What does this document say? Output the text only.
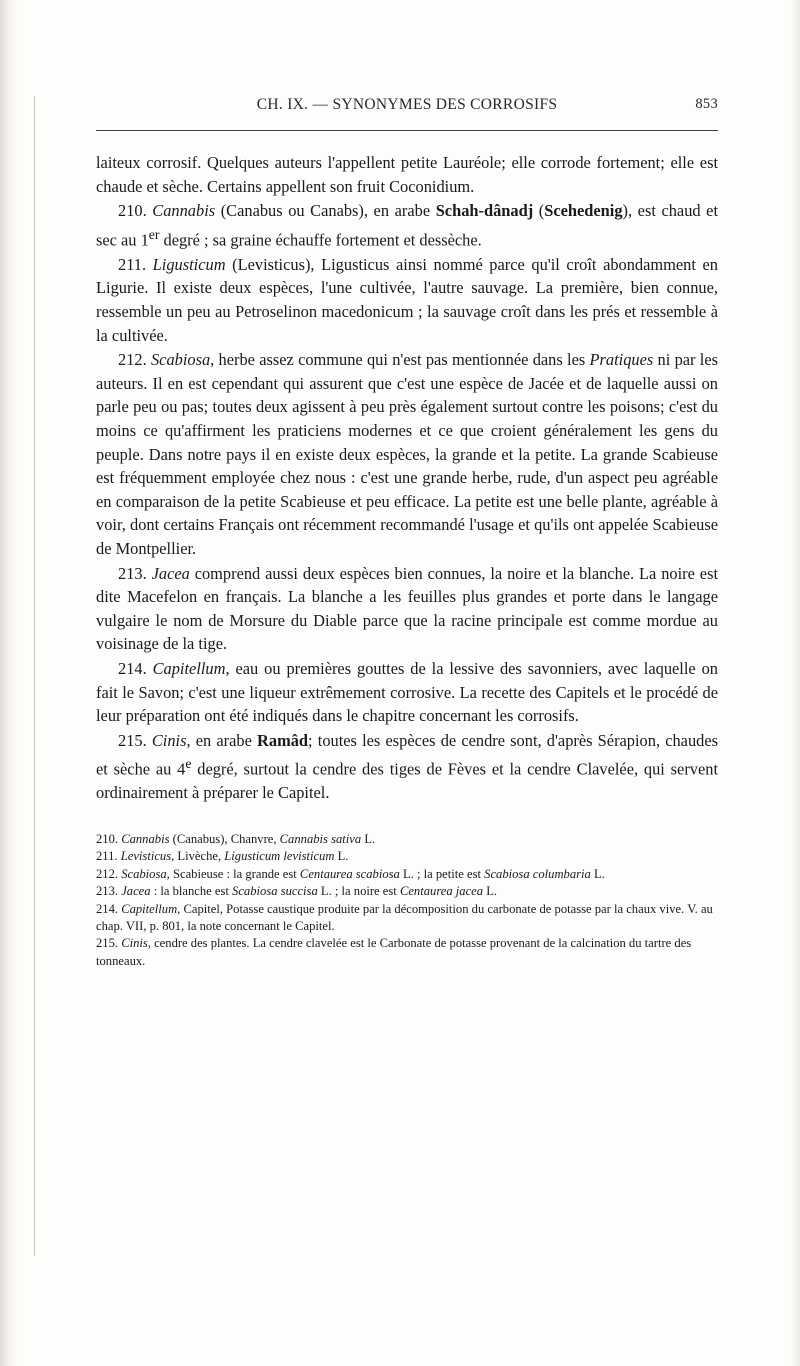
CH. IX. — SYNONYMES DES CORROSIFS	853

laiteux corrosif. Quelques auteurs l'appellent petite Lauréole; elle corrode fortement; elle est chaude et sèche. Certains appellent son fruit Coconidium.

210. Cannabis (Canabus ou Canabs), en arabe Schah-dânadj (Scehedenig), est chaud et sec au 1er degré ; sa graine échauffe fortement et dessèche.

211. Ligusticum (Levisticus), Ligusticus ainsi nommé parce qu'il croît abondamment en Ligurie. Il existe deux espèces, l'une cultivée, l'autre sauvage. La première, bien connue, ressemble un peu au Petroselinon macedonicum ; la sauvage croît dans les prés et ressemble à la cultivée.

212. Scabiosa, herbe assez commune qui n'est pas mentionnée dans les Pratiques ni par les auteurs. Il en est cependant qui assurent que c'est une espèce de Jacée et de laquelle aussi on parle peu ou pas; toutes deux agissent à peu près également surtout contre les poisons; c'est du moins ce qu'affirment les praticiens modernes et ce que croient généralement les gens du peuple. Dans notre pays il en existe deux espèces, la grande et la petite. La grande Scabieuse est fréquemment employée chez nous : c'est une grande herbe, rude, d'un aspect peu agréable en comparaison de la petite Scabieuse et peu efficace. La petite est une belle plante, agréable à voir, dont certains Français ont récemment recommandé l'usage et qu'ils ont appelée Scabieuse de Montpellier.

213. Jacea comprend aussi deux espèces bien connues, la noire et la blanche. La noire est dite Macefelon en français. La blanche a les feuilles plus grandes et porte dans le langage vulgaire le nom de Morsure du Diable parce que la racine principale est comme mordue au voisinage de la tige.

214. Capitellum, eau ou premières gouttes de la lessive des savonniers, avec laquelle on fait le Savon; c'est une liqueur extrêmement corrosive. La recette des Capitels et le procédé de leur préparation ont été indiqués dans le chapitre concernant les corrosifs.

215. Cinis, en arabe Ramâd; toutes les espèces de cendre sont, d'après Sérapion, chaudes et sèche au 4e degré, surtout la cendre des tiges de Fèves et la cendre Clavelée, qui servent ordinairement à préparer le Capitel.

210. Cannabis (Canabus), Chanvre, Cannabis sativa L.

211. Levisticus, Livèche, Ligusticum levisticum L.

212. Scabiosa, Scabieuse : la grande est Centaurea scabiosa L. ; la petite est Scabiosa columbaria L.

213. Jacea : la blanche est Scabiosa succisa L. ; la noire est Centaurea jacea L.

214. Capitellum, Capitel, Potasse caustique produite par la décomposition du carbonate de potasse par la chaux vive. V. au chap. VII, p. 801, la note concernant le Capitel.

215. Cinis, cendre des plantes. La cendre clavelée est le Carbonate de potasse provenant de la calcination du tartre des tonneaux.
